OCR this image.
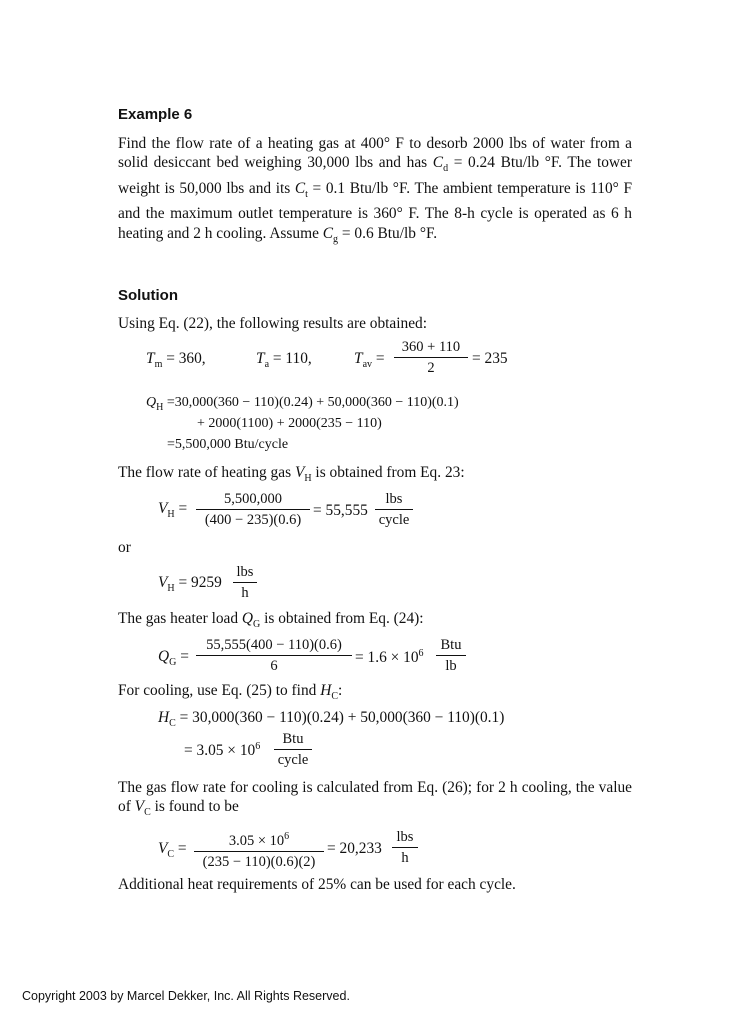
Example 6
Find the flow rate of a heating gas at 400° F to desorb 2000 lbs of water from a solid desiccant bed weighing 30,000 lbs and has $C_d = 0.24$ Btu/lb °F. The tower weight is 50,000 lbs and its $C_t = 0.1$ Btu/lb °F. The ambient temperature is 110° F and the maximum outlet temperature is 360° F. The 8-h cycle is operated as 6 h heating and 2 h cooling. Assume $C_g = 0.6$ Btu/lb °F.
Solution
Using Eq. (22), the following results are obtained:
$T_m = 360$,	$T_a = 110$,	$T_{av} = \frac{360 + 110}{2} = 235$
$Q_H =30,000(360 - 110)(0.24) + 50,000(360 - 110)(0.1)$
+ 2000(1100) + 2000(235 − 110)
=5,500,000 Btu/cycle
The flow rate of heating gas $V_H$ is obtained from Eq. 23:
$V_H = \frac{5,500,000}{(400 - 235)(0.6)} = 55,555$
lbs
cycle
or
$V_H = 9259$
lbs
h
The gas heater load $Q_G$ is obtained from Eq. (24):
$Q_G = \frac{55,555(400 - 110)(0.6)}{6} = 1.6 \times 10^6$
Btu
lb
For cooling, use Eq. (25) to find $H_C$:
$H_C = 30,000(360 - 110)(0.24) + 50,000(360 - 110)(0.1)$
= $3.05 \times 10^6$	Btu
cycle
The gas flow rate for cooling is calculated from Eq. (26); for 2 h cooling, the value of $V_C$ is found to be
$V_C = \frac{3.05 \times 10^6}{(235 - 110)(0.6)(2)} = 20,233$
lbs
h
Additional heat requirements of 25% can be used for each cycle.
Copyright 2003 by Marcel Dekker, Inc. All Rights Reserved.
